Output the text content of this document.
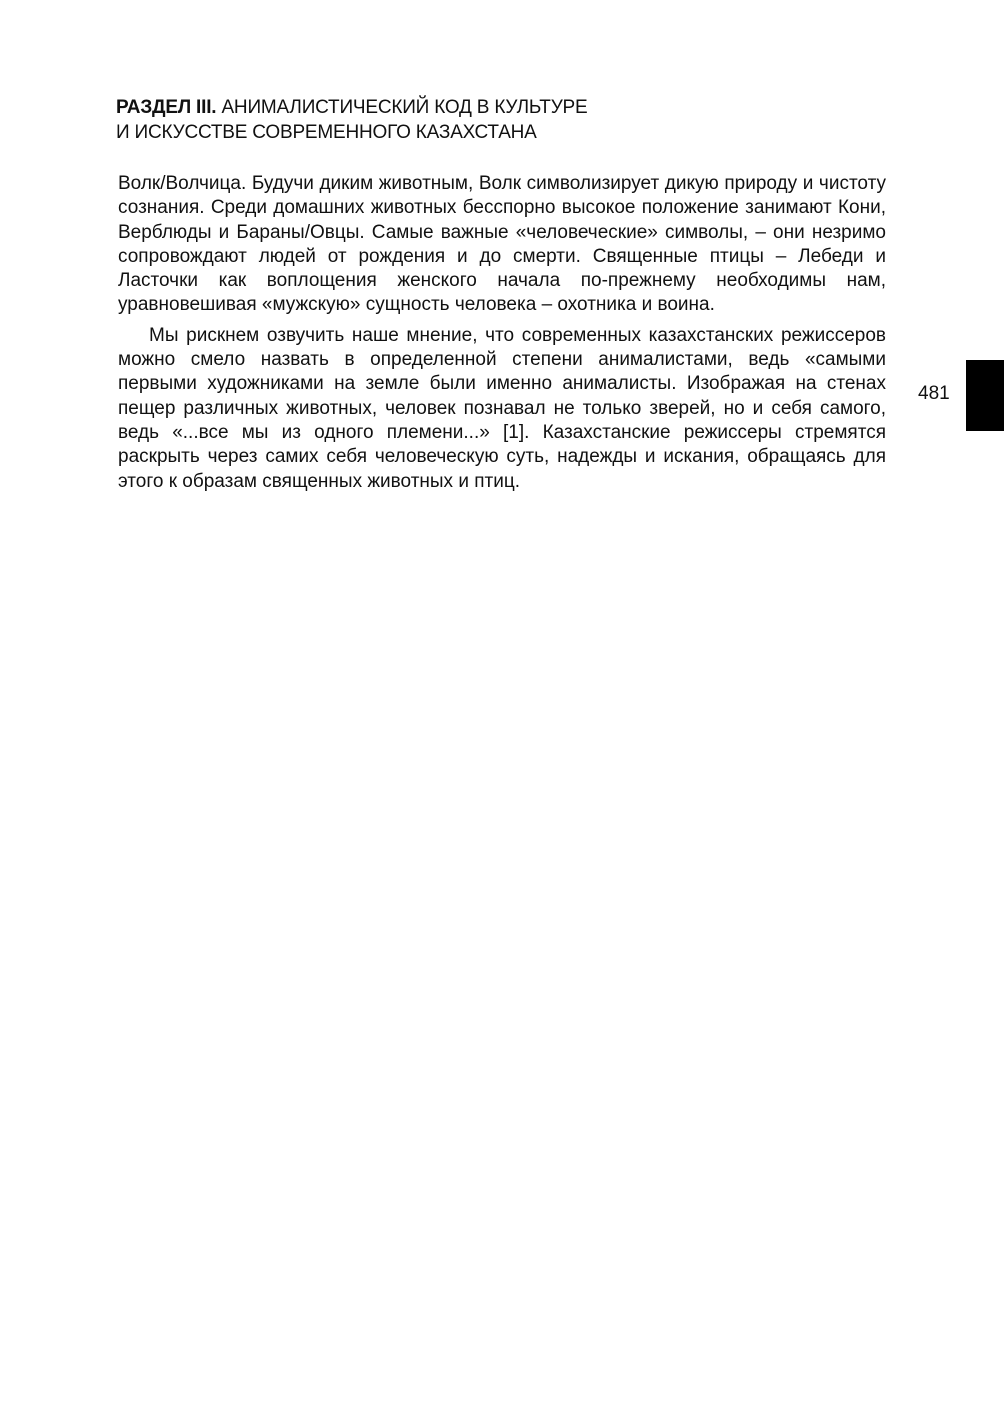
РАЗДЕЛ III. АНИМАЛИСТИЧЕСКИЙ КОД В КУЛЬТУРЕ
И ИСКУССТВЕ СОВРЕМЕННОГО КАЗАХСТАНА

Волк/Волчица. Будучи диким животным, Волк символизирует дикую природу и чистоту сознания. Среди домашних животных бесспорно высокое положение занимают Кони, Верблюды и Бараны/Овцы. Самые важные «человеческие» символы, – они незримо сопровождают людей от рождения и до смерти. Священные птицы – Лебеди и Ласточки как воплощения женского начала по-прежнему необходимы нам, уравновешивая «мужскую» сущность человека – охотника и воина.

Мы рискнем озвучить наше мнение, что современных казахстанских режиссеров можно смело назвать в определенной степени анималистами, ведь «самыми первыми художниками на земле были именно анималисты. Изображая на стенах пещер различных животных, человек познавал не только зверей, но и себя самого, ведь «...все мы из одного племени...» [1]. Казахстанские режиссеры стремятся раскрыть через самих себя человеческую суть, надежды и искания, обращаясь для этого к образам священных животных и птиц.

481
